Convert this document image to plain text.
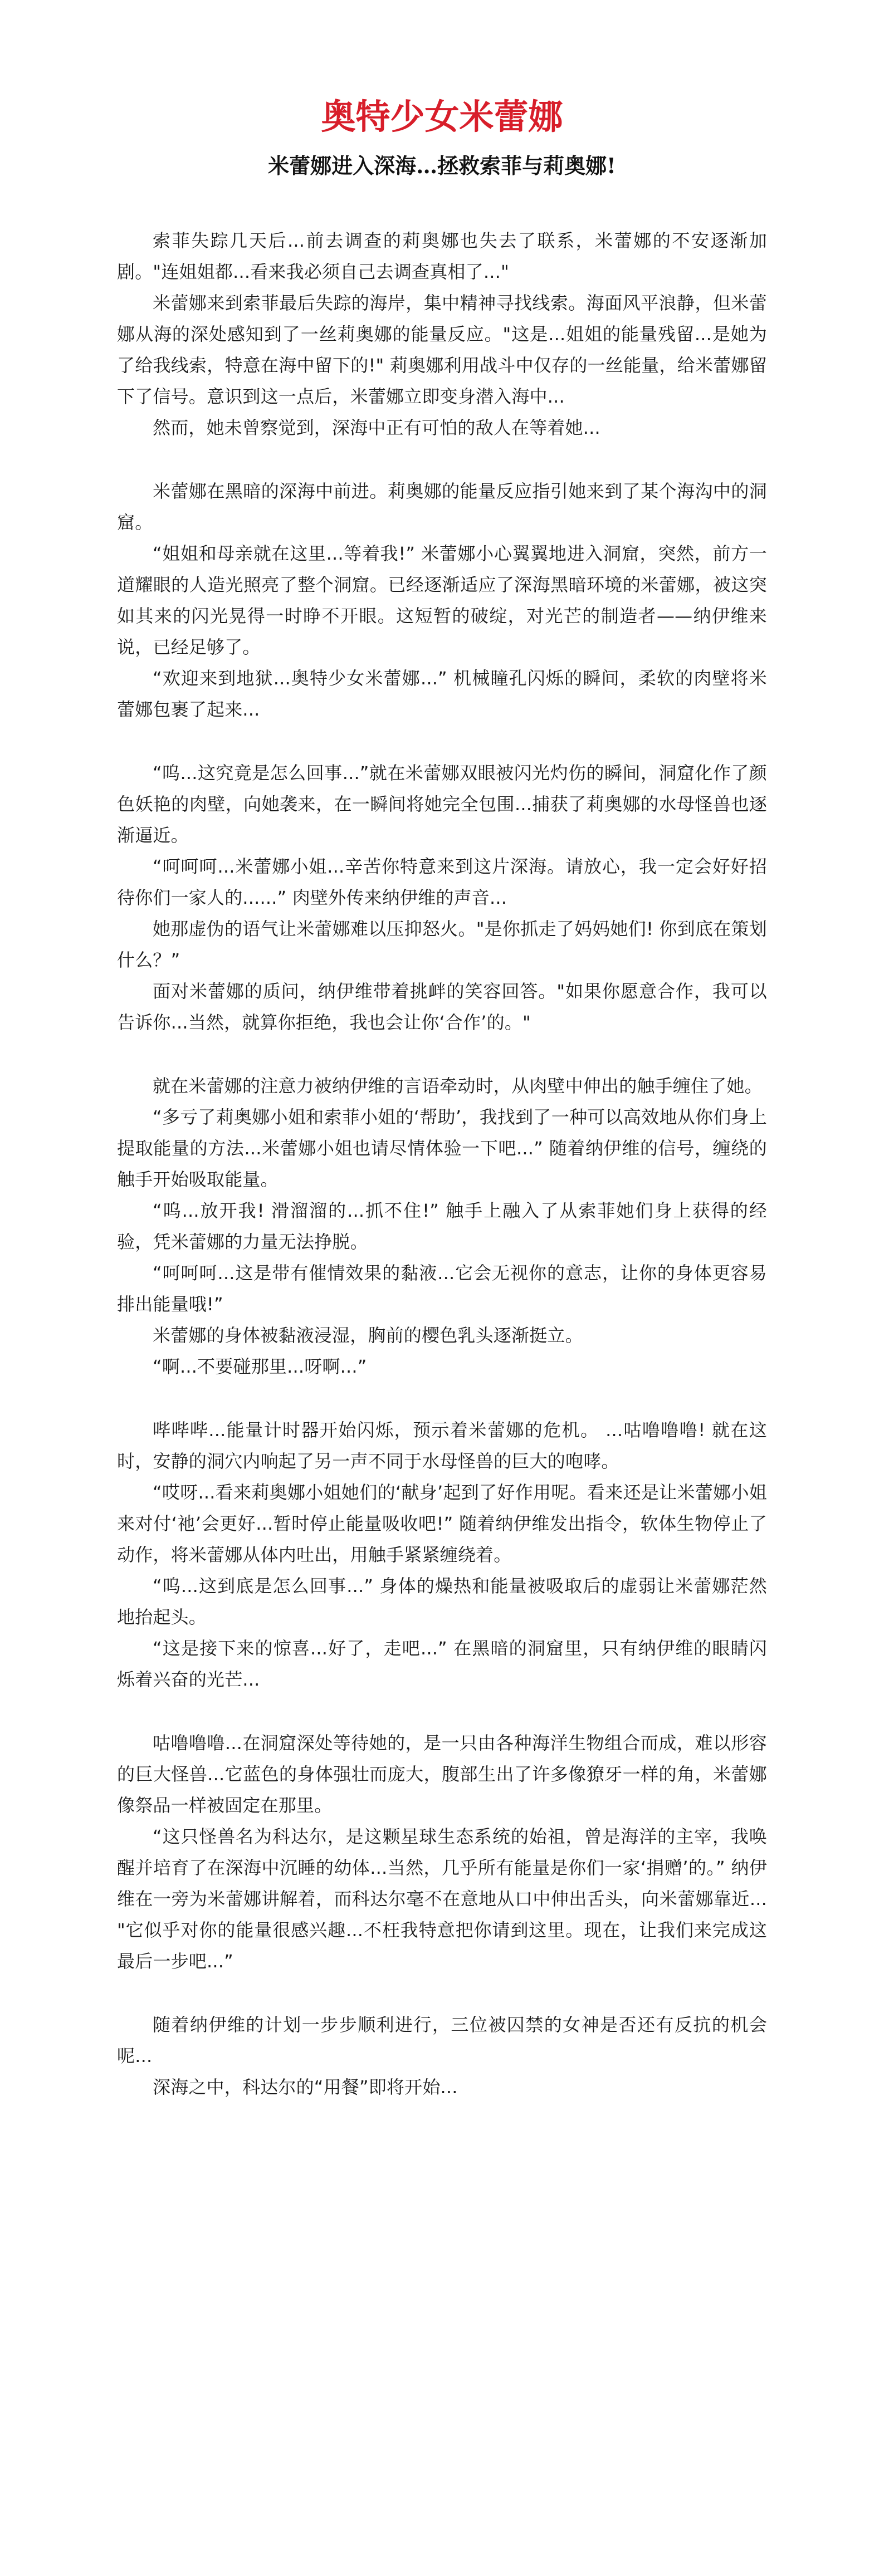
奥特少女米蕾娜
米蕾娜进入深海…拯救索菲与莉奥娜!

索菲失踪几天后...前去调查的莉奥娜也失去了联系，米蕾娜的不安逐渐加剧。"连姐姐都...看来我必须自己去调查真相了..."

米蕾娜来到索菲最后失踪的海岸，集中精神寻找线索。海面风平浪静，但米蕾娜从海的深处感知到了一丝莉奥娜的能量反应。"这是...姐姐的能量残留...是她为了给我线索，特意在海中留下的!" 莉奥娜利用战斗中仅存的一丝能量，给米蕾娜留下了信号。意识到这一点后，米蕾娜立即变身潜入海中...

然而，她未曾察觉到，深海中正有可怕的敌人在等着她...

米蕾娜在黑暗的深海中前进。莉奥娜的能量反应指引她来到了某个海沟中的洞窟。

“姐姐和母亲就在这里...等着我!” 米蕾娜小心翼翼地进入洞窟，突然，前方一道耀眼的人造光照亮了整个洞窟。已经逐渐适应了深海黑暗环境的米蕾娜，被这突如其来的闪光晃得一时睁不开眼。这短暂的破绽，对光芒的制造者——纳伊维来说，已经足够了。

“欢迎来到地狱...奥特少女米蕾娜...” 机械瞳孔闪烁的瞬间，柔软的肉壁将米蕾娜包裹了起来...

“呜...这究竟是怎么回事...”就在米蕾娜双眼被闪光灼伤的瞬间，洞窟化作了颜色妖艳的肉壁，向她袭来，在一瞬间将她完全包围...捕获了莉奥娜的水母怪兽也逐渐逼近。

“呵呵呵...米蕾娜小姐...辛苦你特意来到这片深海。请放心，我一定会好好招待你们一家人的......” 肉壁外传来纳伊维的声音...

她那虚伪的语气让米蕾娜难以压抑怒火。"是你抓走了妈妈她们! 你到底在策划什么？”

面对米蕾娜的质问，纳伊维带着挑衅的笑容回答。"如果你愿意合作，我可以告诉你...当然，就算你拒绝，我也会让你‘合作’的。"

就在米蕾娜的注意力被纳伊维的言语牵动时，从肉壁中伸出的触手缠住了她。

“多亏了莉奥娜小姐和索菲小姐的‘帮助’，我找到了一种可以高效地从你们身上提取能量的方法...米蕾娜小姐也请尽情体验一下吧...” 随着纳伊维的信号，缠绕的触手开始吸取能量。

“呜...放开我! 滑溜溜的...抓不住!” 触手上融入了从索菲她们身上获得的经验，凭米蕾娜的力量无法挣脱。

“呵呵呵...这是带有催情效果的黏液...它会无视你的意志，让你的身体更容易排出能量哦!”

米蕾娜的身体被黏液浸湿，胸前的樱色乳头逐渐挺立。

“啊...不要碰那里...呀啊...”

哔哔哔...能量计时器开始闪烁，预示着米蕾娜的危机。 ...咕噜噜噜! 就在这时，安静的洞穴内响起了另一声不同于水母怪兽的巨大的咆哮。

“哎呀...看来莉奥娜小姐她们的‘献身’起到了好作用呢。看来还是让米蕾娜小姐来对付‘祂’会更好...暂时停止能量吸收吧!” 随着纳伊维发出指令，软体生物停止了动作，将米蕾娜从体内吐出，用触手紧紧缠绕着。

“呜...这到底是怎么回事...” 身体的燥热和能量被吸取后的虚弱让米蕾娜茫然地抬起头。

“这是接下来的惊喜...好了，走吧...” 在黑暗的洞窟里，只有纳伊维的眼睛闪烁着兴奋的光芒...

咕噜噜噜...在洞窟深处等待她的，是一只由各种海洋生物组合而成，难以形容的巨大怪兽...它蓝色的身体强壮而庞大，腹部生出了许多像獠牙一样的角，米蕾娜像祭品一样被固定在那里。

“这只怪兽名为科达尔，是这颗星球生态系统的始祖，曾是海洋的主宰，我唤醒并培育了在深海中沉睡的幼体...当然，几乎所有能量是你们一家‘捐赠’的。” 纳伊维在一旁为米蕾娜讲解着，而科达尔毫不在意地从口中伸出舌头，向米蕾娜靠近... "它似乎对你的能量很感兴趣...不枉我特意把你请到这里。现在，让我们来完成这最后一步吧...”

随着纳伊维的计划一步步顺利进行，三位被囚禁的女神是否还有反抗的机会呢...

深海之中，科达尔的“用餐”即将开始...
